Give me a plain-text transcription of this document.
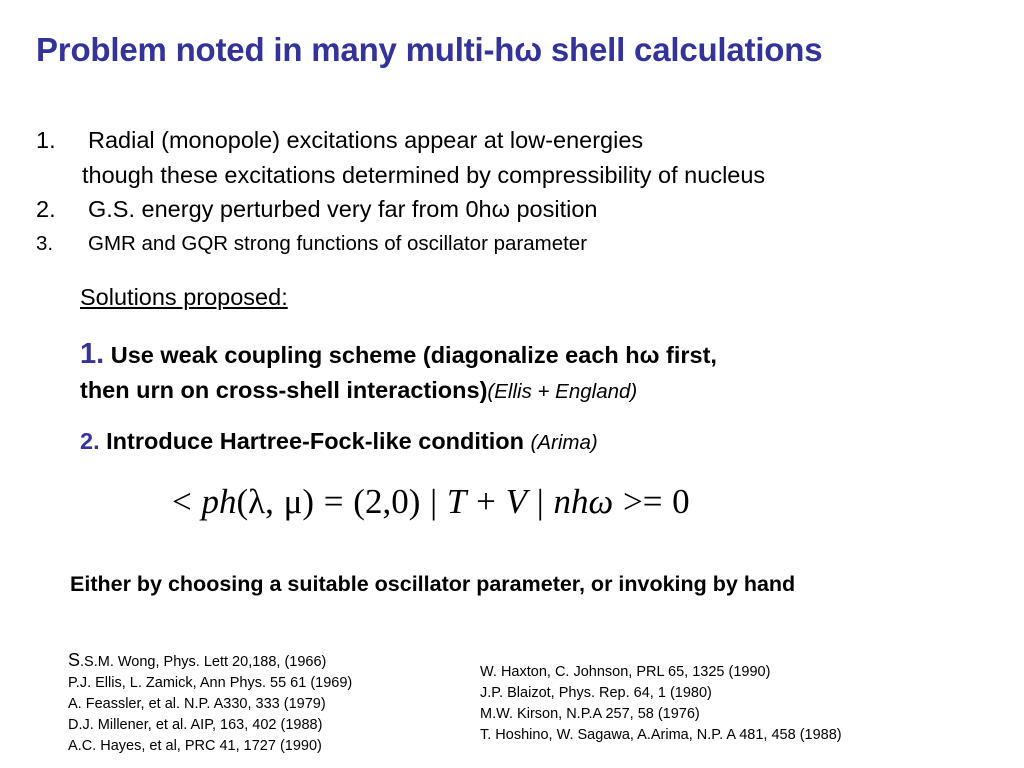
Problem noted in many multi-hω shell calculations
1. Radial (monopole) excitations appear at low-energies
though these excitations determined by compressibility of nucleus
2. G.S. energy perturbed very far from 0hω position
3. GMR and GQR strong functions of oscillator parameter
Solutions proposed:
1. Use weak coupling scheme (diagonalize each hω first,
then urn on cross-shell interactions)(Ellis + England)
2. Introduce Hartree-Fock-like condition (Arima)
< ph(λ, μ) = (2,0) | T + V | nhω >= 0
Either by choosing a suitable oscillator parameter, or invoking by hand
S.S.M. Wong, Phys. Lett 20,188, (1966)
P.J. Ellis, L. Zamick, Ann Phys. 55 61 (1969)
A. Feassler, et al. N.P. A330, 333 (1979)
D.J. Millener, et al. AIP, 163, 402 (1988)
A.C. Hayes, et al, PRC 41, 1727 (1990)
W. Haxton, C. Johnson, PRL 65, 1325 (1990)
J.P. Blaizot, Phys. Rep. 64, 1 (1980)
M.W. Kirson, N.P.A 257, 58 (1976)
T. Hoshino, W. Sagawa, A.Arima, N.P. A 481, 458 (1988)
